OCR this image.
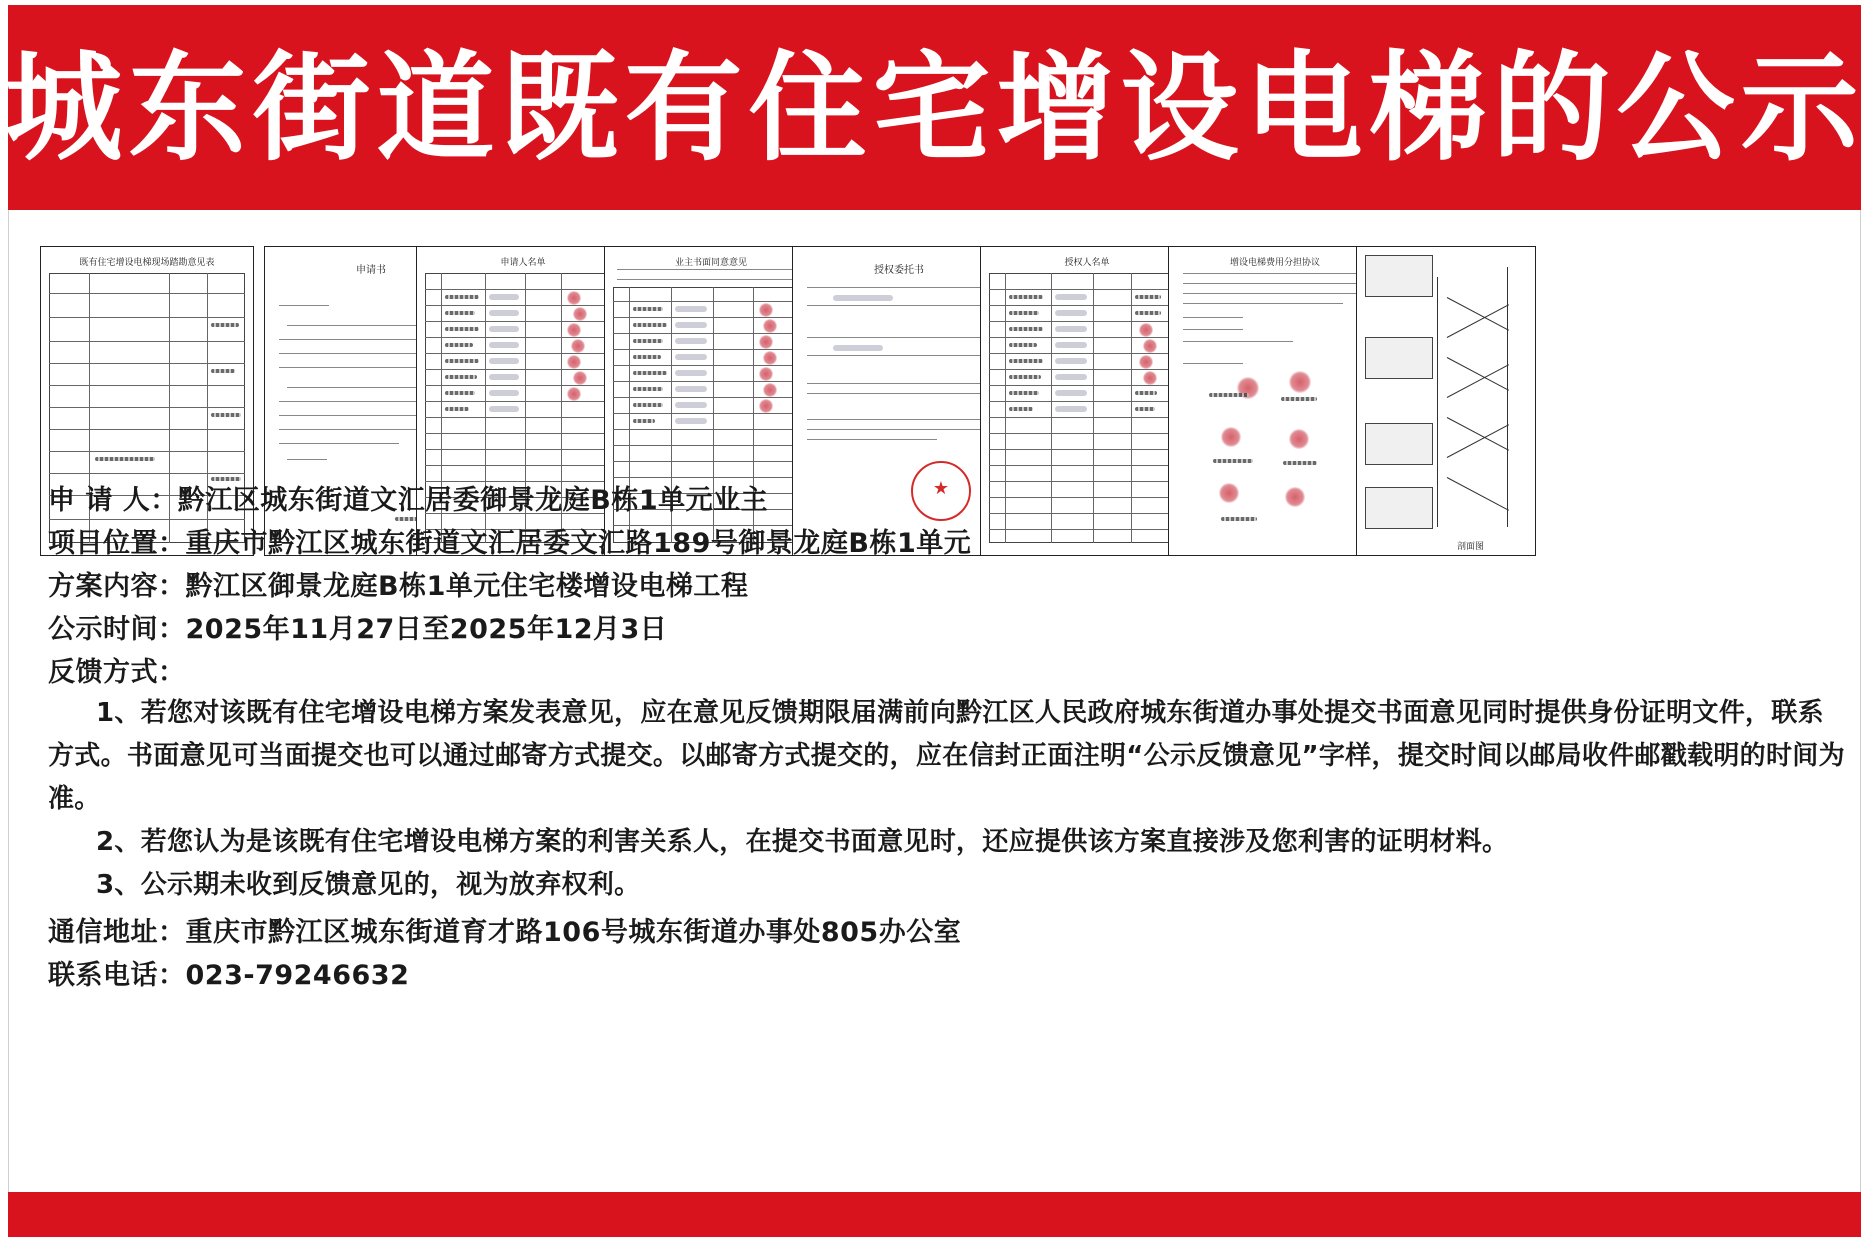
城东街道既有住宅增设电梯的公示
既有住宅增设电梯现场踏勘意见表
申请书
申请人名单	业主书面同意意见
授权委托书
★
授权人名单	增设电梯费用分担协议
剖面图
申 请 人：黔江区城东街道文汇居委御景龙庭B栋1单元业主
项目位置：重庆市黔江区城东街道文汇居委文汇路189号御景龙庭B栋1单元
方案内容：黔江区御景龙庭B栋1单元住宅楼增设电梯工程
公示时间：2025年11月27日至2025年12月3日
反馈方式：
1、若您对该既有住宅增设电梯方案发表意见，应在意见反馈期限届满前向黔江区人民政府城东街道办事处提交书面意见同时提供身份证明文件，联系方式。书面意见可当面提交也可以通过邮寄方式提交。以邮寄方式提交的，应在信封正面注明“公示反馈意见”字样，提交时间以邮局收件邮戳载明的时间为准。
2、若您认为是该既有住宅增设电梯方案的利害关系人，在提交书面意见时，还应提供该方案直接涉及您利害的证明材料。
3、公示期未收到反馈意见的，视为放弃权利。
通信地址：重庆市黔江区城东街道育才路106号城东街道办事处805办公室
联系电话：023-79246632
